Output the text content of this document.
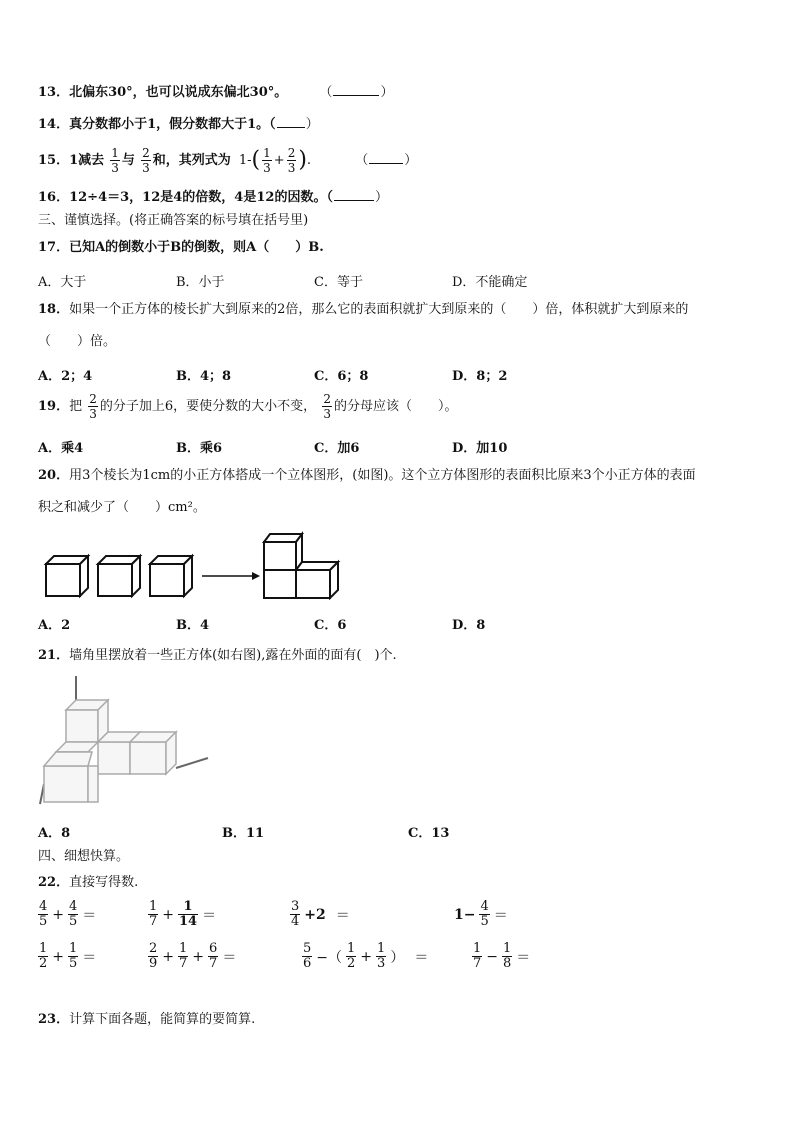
13．北偏东30°，也可以说成东偏北30°。 （	）
14．真分数都小于1，假分数都大于1。（ ）
15．1减去 $\frac{1}{3}$ 与 $\frac{2}{3}$ 和，其列式为 $1-( \frac{1}{3} + \frac{2}{3}$ ).	（	）
16．12÷4＝3，12是4的倍数，4是12的因数。（	）
三、谨慎选择。(将正确答案的标号填在括号里)
17．已知A的倒数小于B的倒数，则A（　　）B.
A．大于	B．小于	C．等于	D．不能确定
18．如果一个正方体的棱长扩大到原来的2倍，那么它的表面积就扩大到原来的（　　）倍，体积就扩大到原来的
（　　）倍。
A．2；4	B．4；8	C．6；8	D．8；2
19．把 $\frac{2}{3}$ 的分子加上6，要使分数的大小不变， $\frac{2}{3}$ 的分母应该（　　）。
A．乘4	B．乘6	C．加6	D．加10
20．用3个棱长为1cm的小正方体搭成一个立体图形，(如图)。这个立方体图形的表面积比原来3个小正方体的表面
积之和减少了（　　）cm²。
A．2	B．4	C．6	D．8
21．墙角里摆放着一些正方体(如右图),露在外面的面有(　)个.
A．8	B．11	C．13
四、细想快算。
22．直接写得数.
$\frac{4}{5} + \frac{4}{5}$ ＝	$\frac{1}{7} + \frac{1}{14}$ ＝	$\frac{3}{4} +2$ ＝	$1- \frac{4}{5}$ ＝
$\frac{1}{2} + \frac{1}{5}$ ＝	$\frac{2}{9} + \frac{1}{7} + \frac{6}{7}$ ＝	$\frac{5}{6}$ −（ $\frac{1}{2} + \frac{1}{3}$ ） ＝	$\frac{1}{7} - \frac{1}{8}$ ＝
23．计算下面各题，能简算的要简算.
